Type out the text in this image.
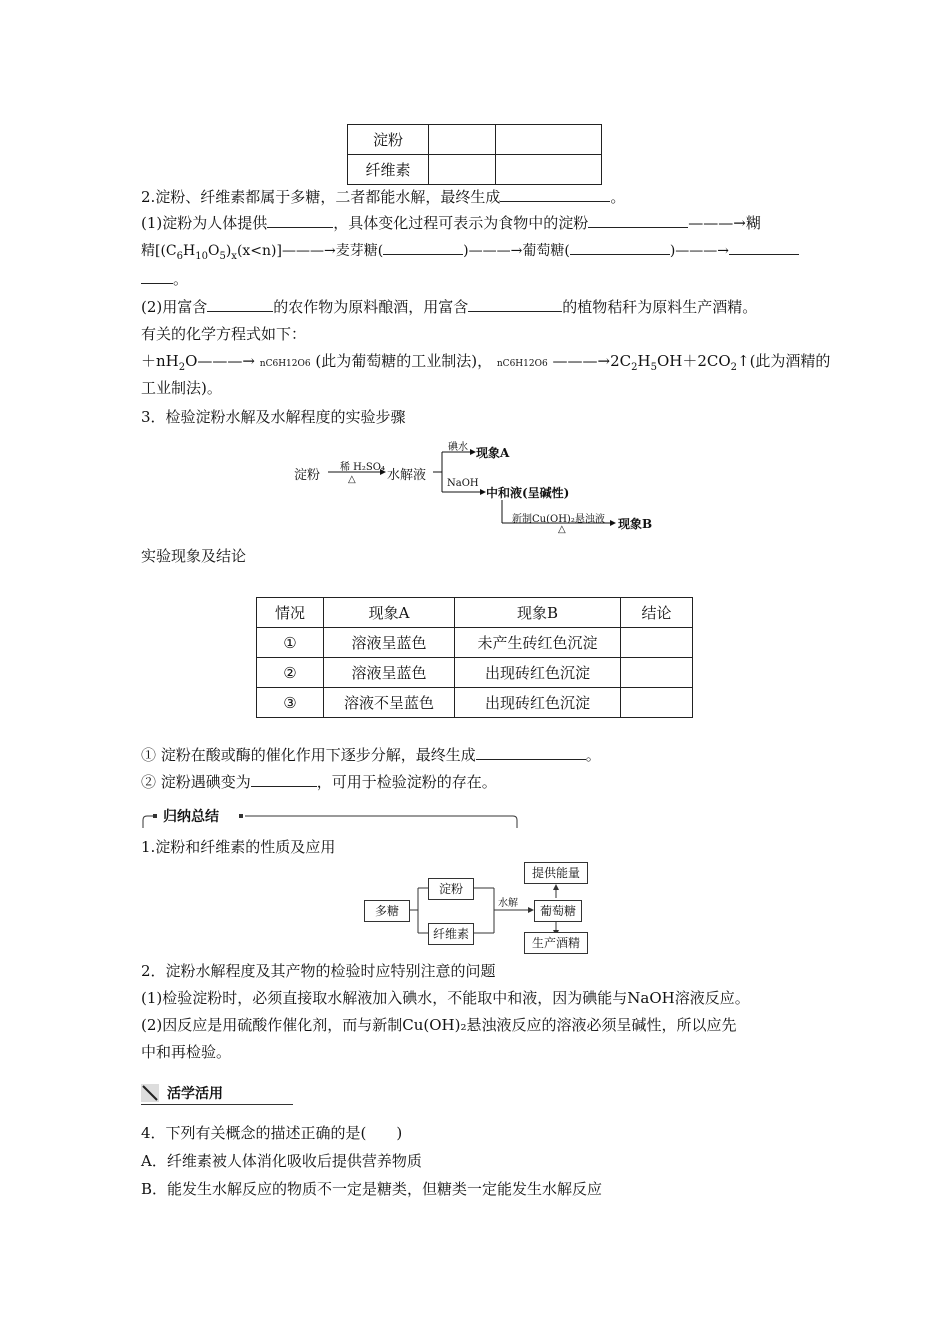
淀粉		
纤维素		
2.淀粉、纤维素都属于多糖，二者都能水解，最终生成	。
(1)淀粉为人体提供	，具体变化过程可表示为食物中的淀粉	———→糊
精$[(C_6H_{10}O_5)_x(x<n)]———\to$麦芽糖(	)———→葡萄糖(	)———→
。
(2)用富含	的农作物为原料酿酒，用富含	的植物秸秆为原料生产酒精。
有关的化学方程式如下：
$+nH_2O———\to nC6H12O6$ (此为葡萄糖的工业制法)， nC6H12O6 $———\to 2C_2H_5OH+2CO_2↑$(此为酒精的
工业制法)。
3．检验淀粉水解及水解程度的实验步骤
淀粉
稀 H₂SO₄
△ 水解液
碘水 现象A
NaOH
中和液(呈碱性)
新制Cu(OH)₂悬浊液
△	现象B
实验现象及结论
情况	现象A	现象B	结论
①	溶液呈蓝色	未产生砖红色沉淀	
②	溶液呈蓝色	出现砖红色沉淀	
③	溶液不呈蓝色	出现砖红色沉淀	
① 淀粉在酸或酶的催化作用下逐步分解，最终生成	。
② 淀粉遇碘变为	，可用于检验淀粉的存在。
归纳总结
1.淀粉和纤维素的性质及应用
多糖
淀粉
纤维素
水解
葡萄糖
提供能量
生产酒精
2．淀粉水解程度及其产物的检验时应特别注意的问题
(1)检验淀粉时，必须直接取水解液加入碘水，不能取中和液，因为碘能与NaOH溶液反应。
(2)因反应是用硫酸作催化剂，而与新制Cu(OH)₂悬浊液反应的溶液必须呈碱性，所以应先
中和再检验。
活学活用
4．下列有关概念的描述正确的是(　　)
A．纤维素被人体消化吸收后提供营养物质
B．能发生水解反应的物质不一定是糖类，但糖类一定能发生水解反应
